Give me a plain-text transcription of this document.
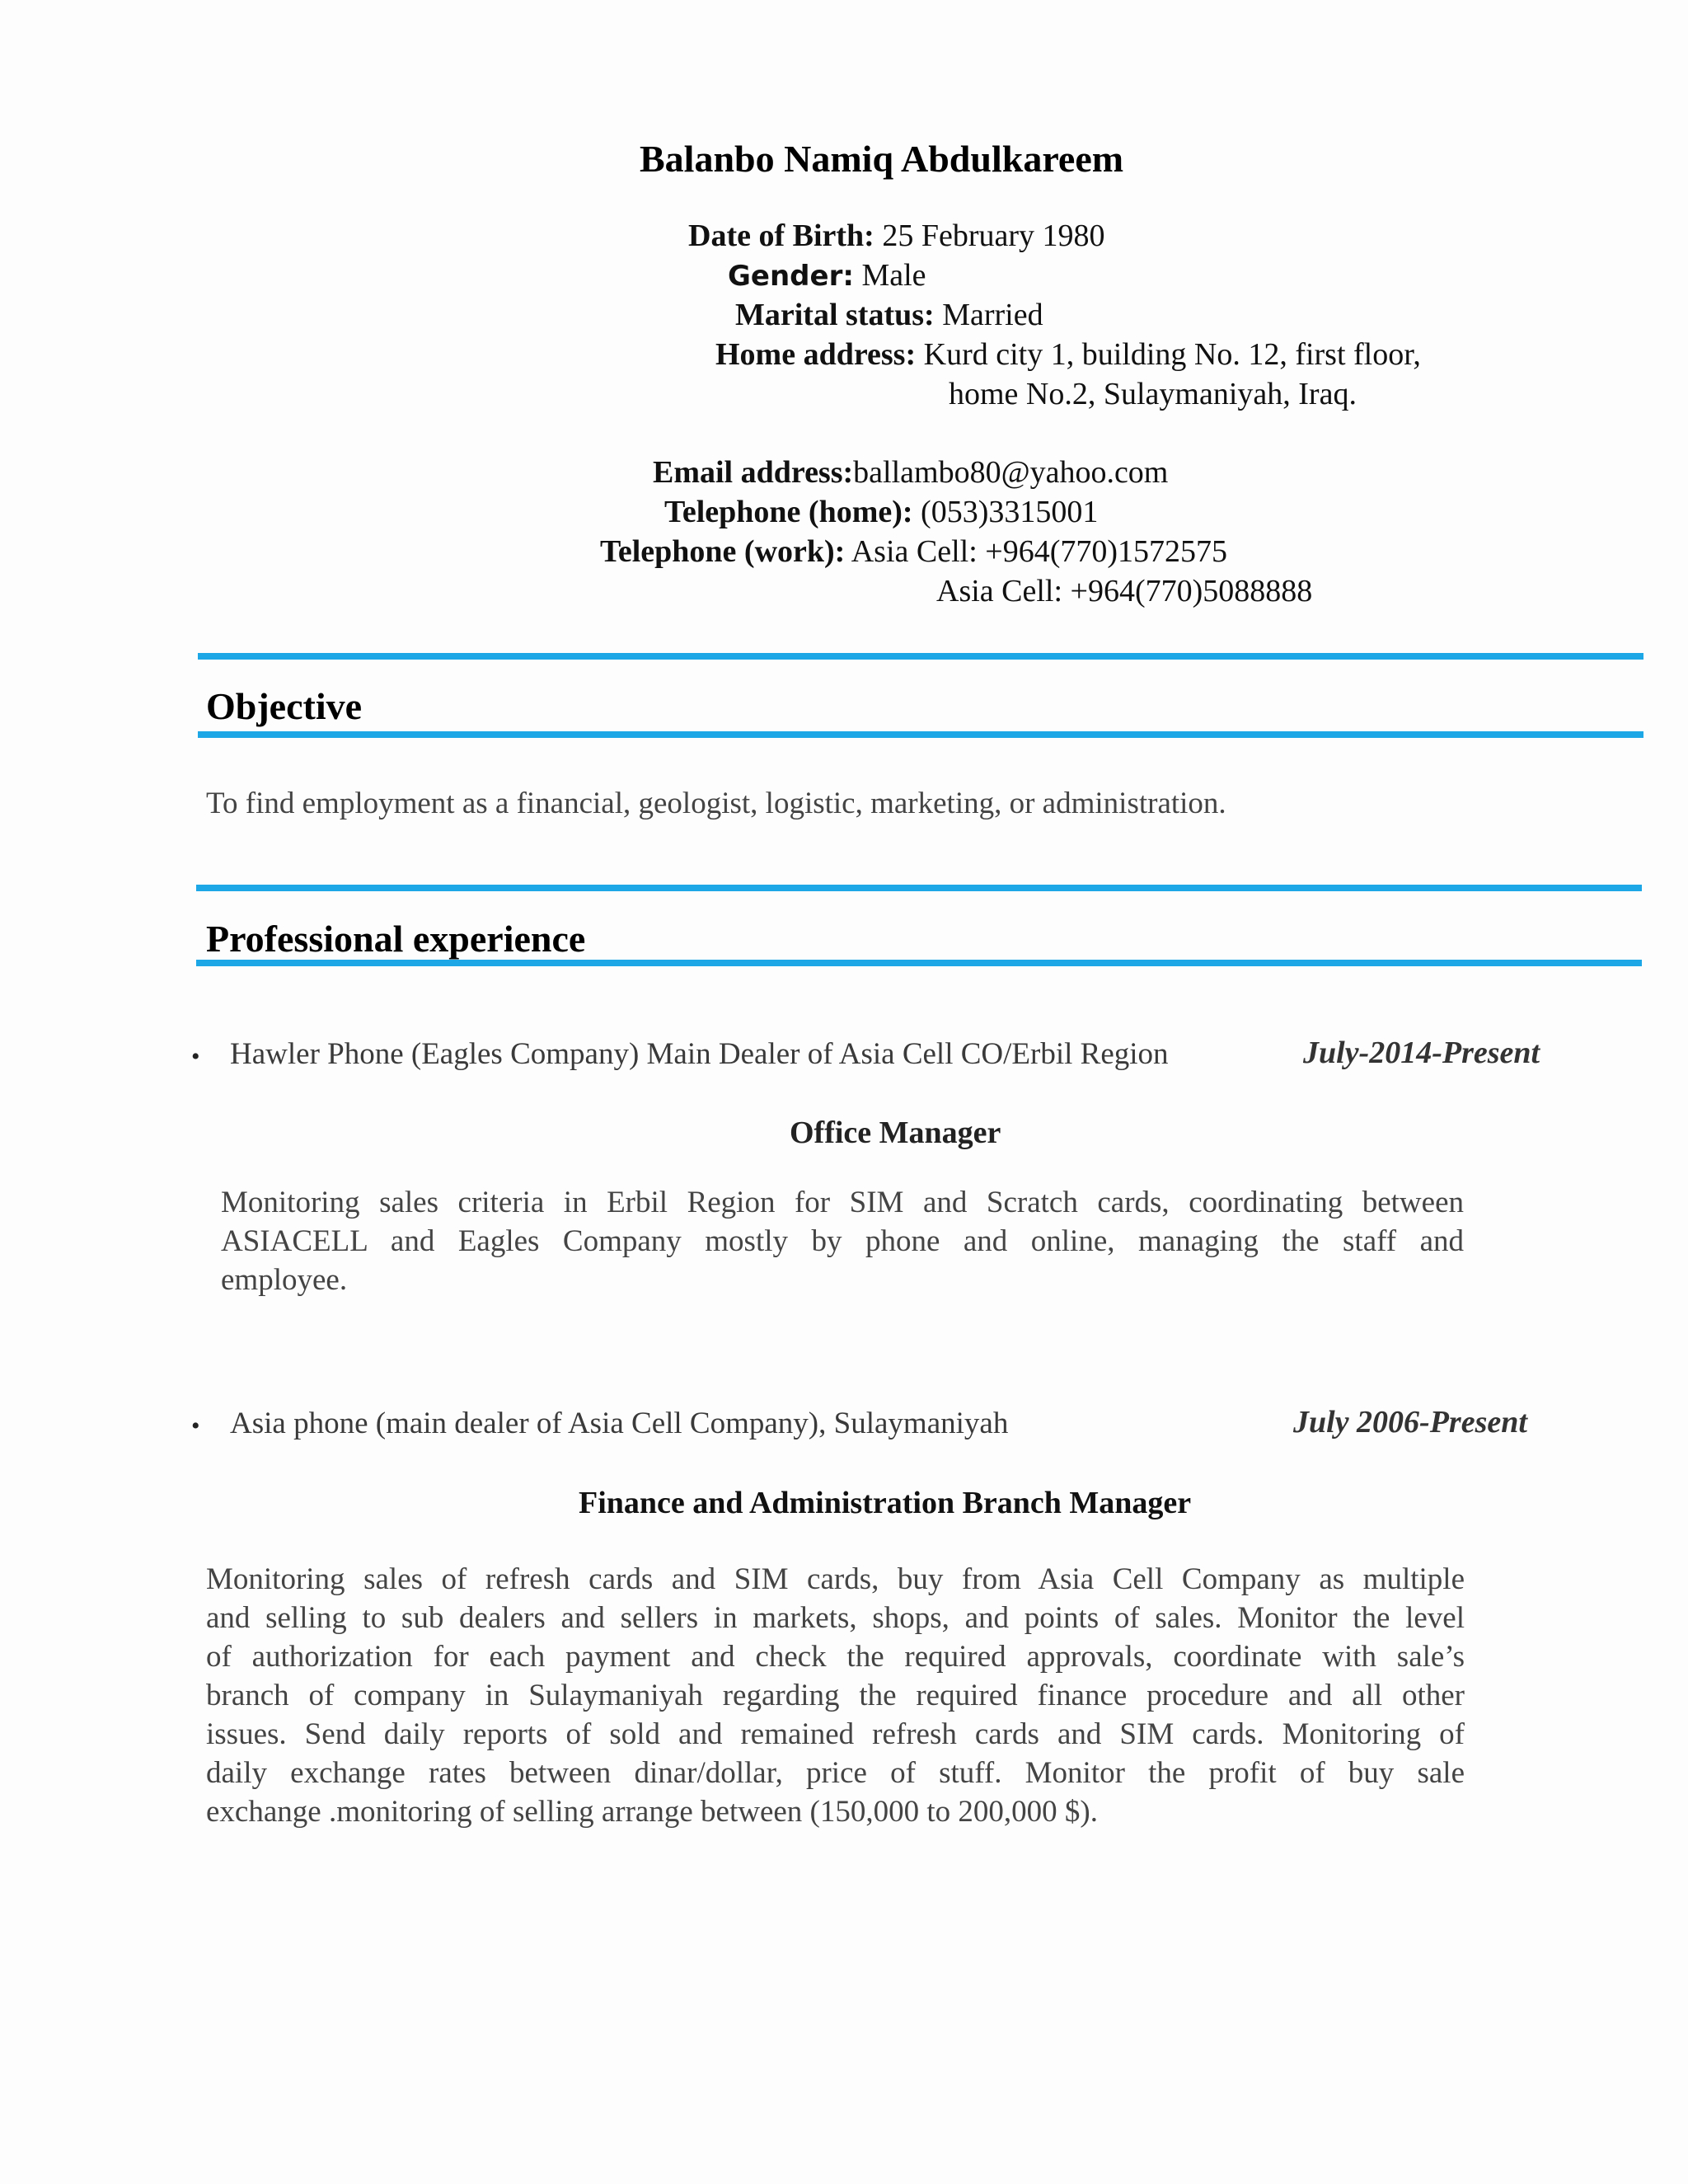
Balanbo Namiq Abdulkareem
Date of Birth: 25 February 1980
Gender: Male
Marital status: Married
Home address: Kurd city 1, building No. 12, first floor,
home No.2, Sulaymaniyah, Iraq.
Email address:ballambo80@yahoo.com
Telephone (home): (053)3315001
Telephone (work): Asia Cell: +964(770)1572575
Asia Cell: +964(770)5088888
Objective
To find employment as a financial, geologist, logistic, marketing, or administration.
Professional experience
• Hawler Phone (Eagles Company) Main Dealer of Asia Cell CO/Erbil Region	July-2014-Present
Office Manager
Monitoring sales criteria in Erbil Region for SIM and Scratch cards, coordinating between
ASIACELL and Eagles Company mostly by phone and online, managing the staff and
employee.
• Asia phone (main dealer of Asia Cell Company), Sulaymaniyah	July 2006-Present
Finance and Administration Branch Manager
Monitoring sales of refresh cards and SIM cards, buy from Asia Cell Company as multiple
and selling to sub dealers and sellers in markets, shops, and points of sales. Monitor the level
of authorization for each payment and check the required approvals, coordinate with sale’s
branch of company in Sulaymaniyah regarding the required finance procedure and all other
issues. Send daily reports of sold and remained refresh cards and SIM cards. Monitoring of
daily exchange rates between dinar/dollar, price of stuff. Monitor the profit of buy sale
exchange .monitoring of selling arrange between (150,000 to 200,000 $).
